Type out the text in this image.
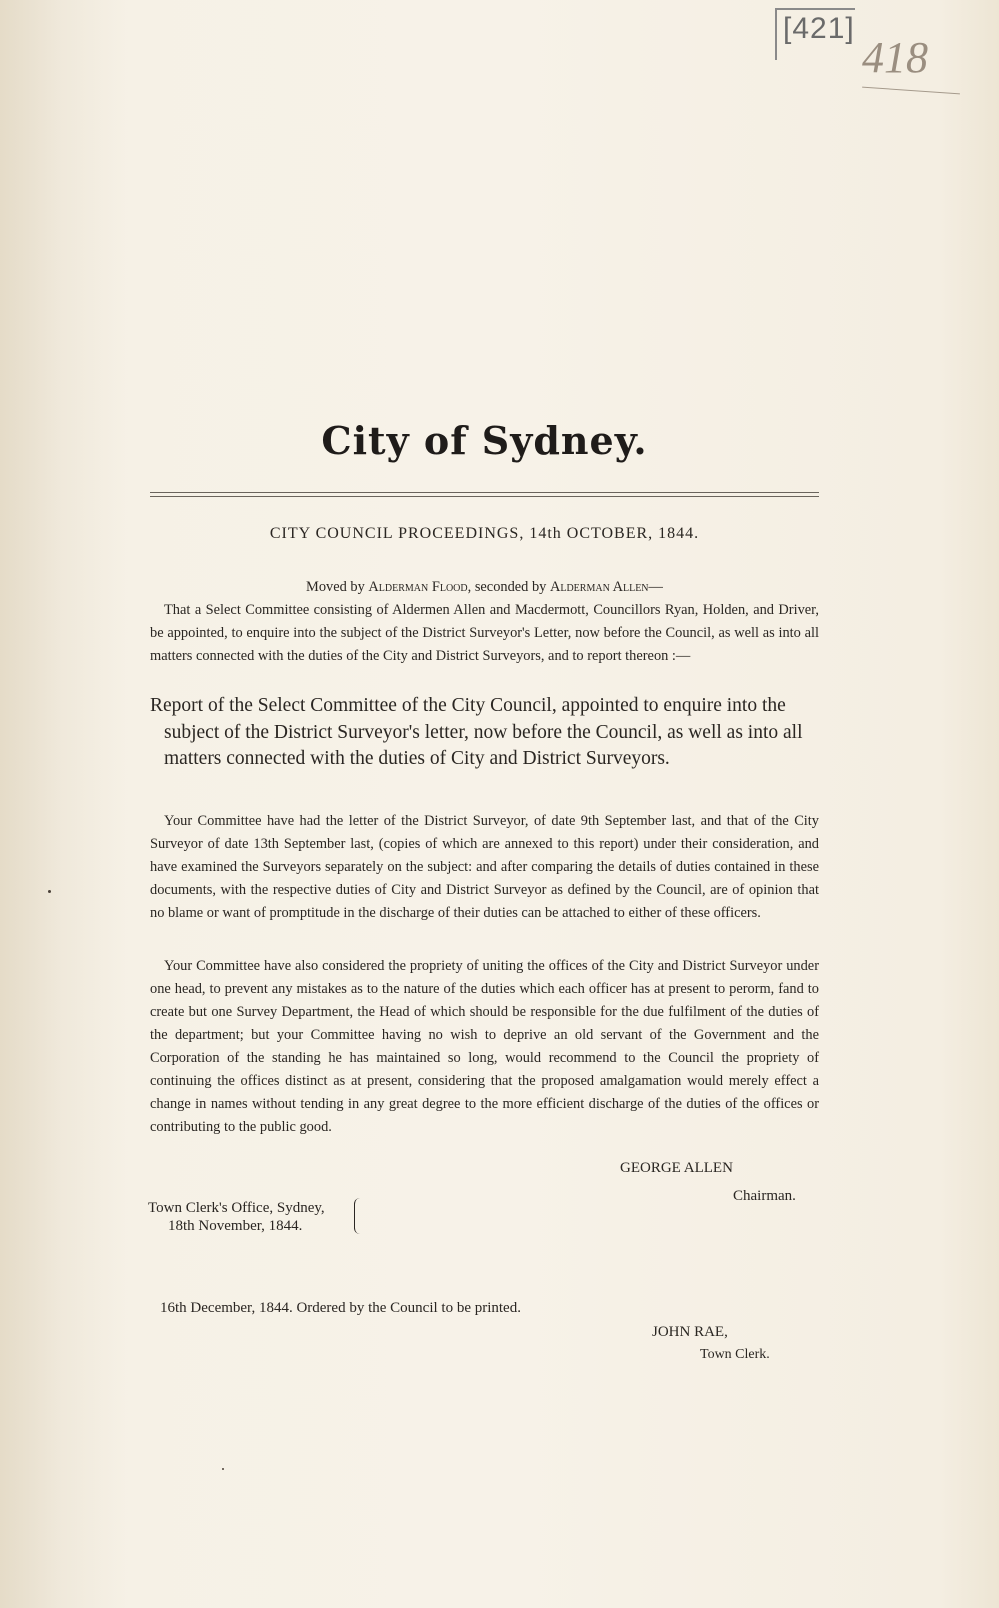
[421]
418
City of Sydney.
CITY COUNCIL PROCEEDINGS, 14th OCTOBER, 1844.
Moved by Alderman Flood, seconded by Alderman Allen—

That a Select Committee consisting of Aldermen Allen and Macdermott, Councillors Ryan, Holden, and Driver, be appointed, to enquire into the subject of the District Surveyor's Letter, now before the Council, as well as into all matters connected with the duties of the City and District Surveyors, and to report thereon :—

Report of the Select Committee of the City Council, appointed to enquire into the subject of the District Surveyor's letter, now before the Council, as well as into all matters connected with the duties of City and District Surveyors.

Your Committee have had the letter of the District Surveyor, of date 9th September last, and that of the City Surveyor of date 13th September last, (copies of which are annexed to this report) under their consideration, and have examined the Surveyors separately on the subject: and after comparing the details of duties contained in these documents, with the respective duties of City and District Surveyor as defined by the Council, are of opinion that no blame or want of promptitude in the discharge of their duties can be attached to either of these officers.

Your Committee have also considered the propriety of uniting the offices of the City and District Surveyor under one head, to prevent any mistakes as to the nature of the duties which each officer has at present to perorm, fand to create but one Survey Department, the Head of which should be responsible for the due fulfilment of the duties of the department; but your Committee having no wish to deprive an old servant of the Government and the Corporation of the standing he has maintained so long, would recommend to the Council the propriety of continuing the offices distinct as at present, considering that the proposed amalgamation would merely effect a change in names without tending in any great degree to the more efficient discharge of the duties of the offices or contributing to the public good.

GEORGE ALLEN
Chairman.
Town Clerk's Office, Sydney,
18th November, 1844.
16th December, 1844. Ordered by the Council to be printed.
JOHN RAE,
Town Clerk.
